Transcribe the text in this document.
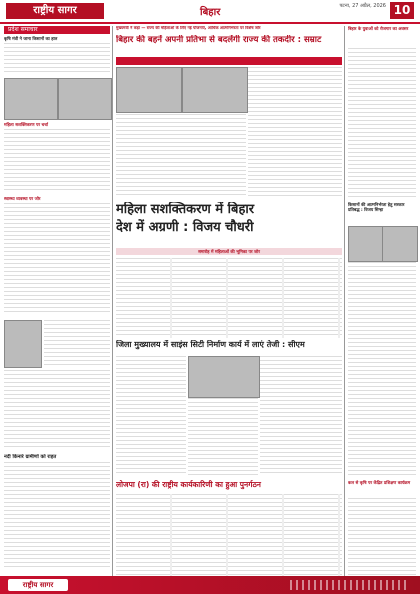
राष्ट्रीय सागर	बिहार
पटना, 27 अप्रैल, 2026 10
प्रदेश समाचार
कृषि मंत्री ने जाना किसानों का हाल
महिला सशक्तिकरण पर चर्चा
स्वास्थ्य व्यवस्था पर जोर
नदी किनारे ग्रामीणों को राहत
मुख्यमंत्री ने कहा — राज्य की महिलाओं के लिए नई योजनाएं, आर्थिक आत्मनिर्भरता पर विशेष जोर
बिहार की बहनें अपनी प्रतिभा से बदलेंगी राज्य की तकदीर : सम्राट
महिला सशक्तिकरण में बिहार
देश में अग्रणी : विजय चौधरी
समारोह में महिलाओं की भूमिका पर जोर
जिला मुख्यालय में साइंस सिटी निर्माण कार्य में लाएं तेजी : सीएम
लोजपा (रा) की राष्ट्रीय कार्यकारिणी का हुआ पुनर्गठन
बिहार के युवाओं को रोजगार का अवसर
किसानों की आत्मनिर्भरता हेतु सरकार प्रतिबद्ध : विजय सिन्हा
कल से कृषि पर केंद्रित प्रशिक्षण कार्यक्रम
राष्ट्रीय सागर
